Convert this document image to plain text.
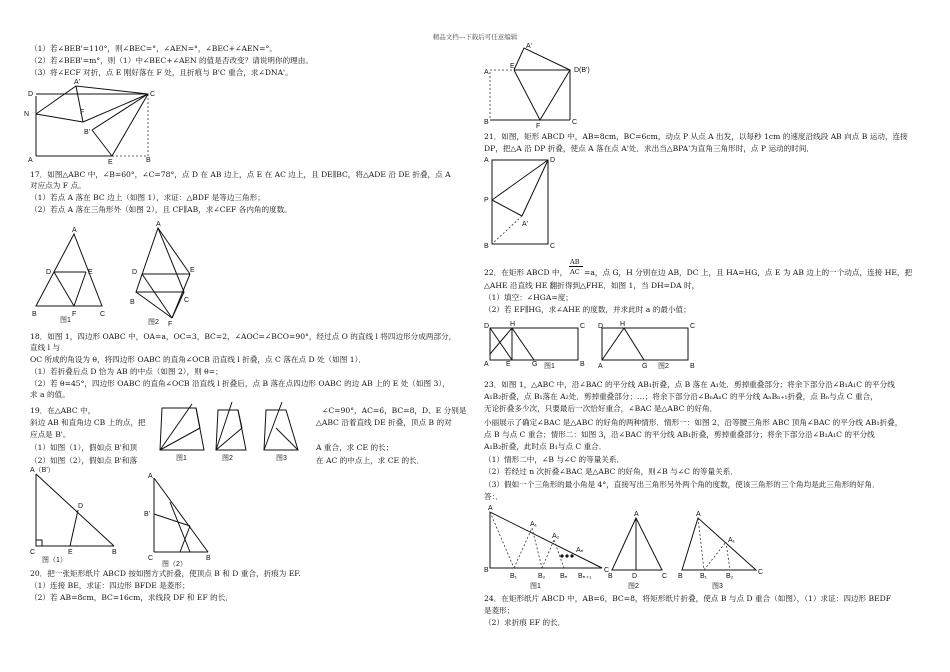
精品文档---下载后可任意编辑
（1）若∠BEB'=110°，则∠BEC=°，∠AEN=°，∠BEC+∠AEN=°。
（2）若∠BEB'=m°，则（1）中∠BEC+∠AEN 的值是否改变？请说明你的理由。
（3）将∠ECF 对折，点 E 刚好落在 F 处，且折痕与 B'C 重合，求∠DNA'。
D
N
A'
C
F
B'
A	E	B
17．如图△ABC 中，∠B=60°，∠C=78°，点 D 在 AB 边上，点 E 在 AC 边上，且 DE∥BC，将△ADE 沿 DE 折叠，点 A
对应点为 F 点。
（1）若点 A 落在 BC 边上（如图 1），求证：△BDF 是等边三角形；
（2）若点 A 落在三角形外（如图 2），且 CF∥AB，求∠CEF 各内角的度数。
A
D	E
B	F	C
图1
A
D	E
B	C
F
图2
18．如图 1，四边形 OABC 中，OA=a，OC=3，BC=2，∠AOC=∠BCO=90°，经过点 O 的直线 l 将四边形分成两部分，
直线 l 与
OC 所成的角设为 θ，将四边形 OABC 的直角∠OCB 沿直线 l 折叠，点 C 落在点 D 处（如图 1）．
（1）若折叠后点 D 恰为 AB 的中点（如图 2），则 θ=；
（2）若 θ=45°，四边形 OABC 的直角∠OCB 沿直线 l 折叠后，点 B 落在点四边形 OABC 的边 AB 上的 E 处（如图 3），
求 a 的值。
19．在△ABC 中，
斜边 AB 和直角边 CB 上的点，把
应点是 B'。
（1）如图（1），假如点 B'和顶
（2）如图（2），假如点 B'和落	图1	图2	图3
∠C=90°，AC=6，BC=8，D、E 分别是
△ABC 沿着直线 DE 折叠，顶点 B 的对
A 重合，求 CE 的长；
在 AC 的中点上，求 CE 的长．
A（B'）
D
C	E	B
图（1）
A
B'
C	B
图（2）
20．把一张矩形纸片 ABCD 按如图方式折叠，使顶点 B 和 D 重合，折痕为 EF.
（1）连接 BE，求证：四边形 BFDE 是菱形；
（2）若 AB=8cm，BC=16cm，求线段 DF 和 EF 的长．
A
E
A'
D(B')
B
F
C
21．如图，矩形 ABCD 中，AB=8cm，BC=6cm，动点 P 从点 A 出发，以每秒 1cm 的速度沿线段 AB 向点 B 运动，连接
DP，把△A 沿 DP 折叠，使点 A 落在点 A'处．求出当△BPA'为直角三角形时，点 P 运动的时间．
A	D
P
A'
B	C
22．在矩形 ABCD 中，
AB
AC =a，点 G，H 分别在边 AB，DC 上，且 HA=HG，点 E 为 AB 边上的一个动点，连接 HE，把
△AHE 沿直线 HE 翻折得到△FHE．如图 1，当 DH=DA 时，
（1）填空：∠HGA=度；
（2）若 EF∥HG，求∠AHE 的度数，并求此时 a 的最小值；
D	H	C
A E	G	B
图1
D H	C
A	G	B
图2
23．如图 1，△ABC 中，沿∠BAC 的平分线 AB₁折叠，点 B 落在 A₁处．剪掉重叠部分；将余下部分沿∠B₁A₁C 的平分线
A₁B₂折叠，点 B₁落在 A₂处．剪掉重叠部分；…；将余下部分沿∠BₙAₙC 的平分线 AₙBₙ₊₁折叠，点 Bₙ与点 C 重合，
无论折叠多少次，只要最后一次恰好重合，∠BAC 是△ABC 的好角．
小丽展示了确定∠BAC 是△ABC 的好角的两种情形．情形一：如图 2，沿等腰三角形 ABC 顶角∠BAC 的平分线 AB₁折叠，
点 B 与点 C 重合；情形二：如图 3，沿∠BAC 的平分线 AB₁折叠，剪掉重叠部分；将余下部分沿∠B₁A₁C 的平分线
A₁B₂折叠，此时点 B₁与点 C 重合．
（1）情形二中，∠B 与∠C 的等量关系．
（2）若经过 n 次折叠∠BAC 是△ABC 的好角，则∠B 与∠C 的等量关系．
（3）假如一个三角形的最小角是 4°，直接写出三角形另外两个角的度数，使该三角形的三个角均是此三角形的好角．
答：．
A
A₁
A₂
Aₙ
B
B₁	B₂ Bₙ Bₙ₊₁
C
图1
A
B	D	C
图2
A
A₁
B B₁	B₂
C
图3
24．在矩形纸片 ABCD 中，AB=6，BC=8，将矩形纸片折叠，使点 B 与点 D 重合（如图），（1）求证：四边形 BEDF
是菱形；
（2）求折痕 EF 的长．
